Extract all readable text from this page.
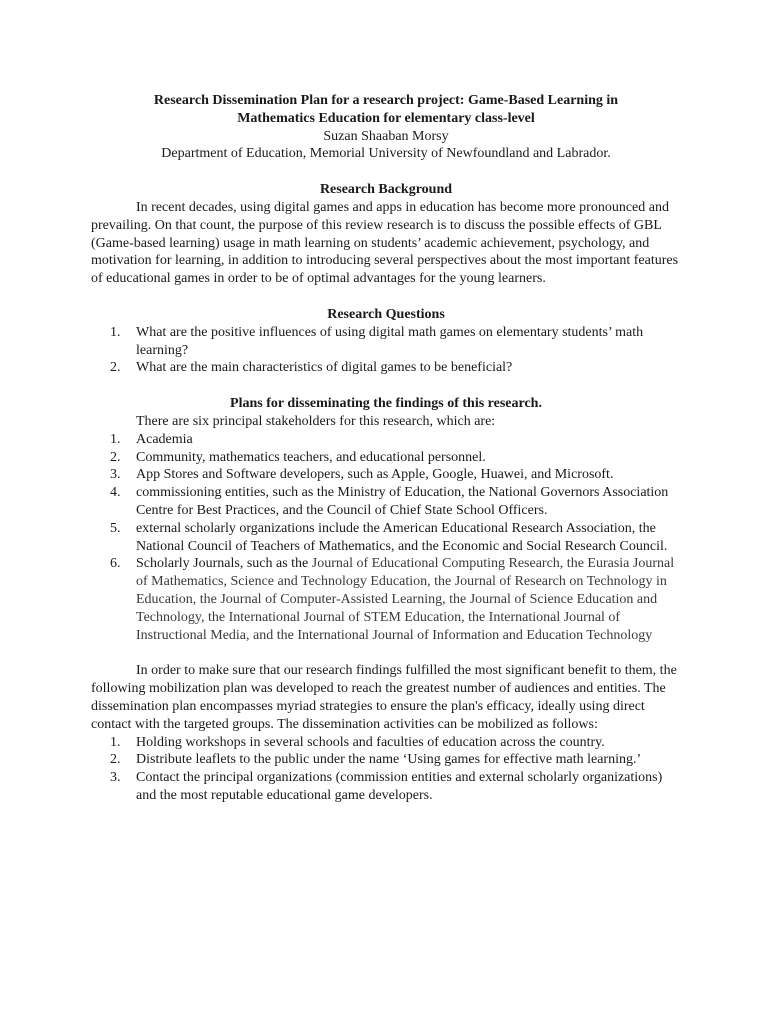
Research Dissemination Plan for a research project: Game-Based Learning in
Mathematics Education for elementary class-level
Suzan Shaaban Morsy
Department of Education, Memorial University of Newfoundland and Labrador.
Research Background

In recent decades, using digital games and apps in education has become more pronounced and prevailing. On that count, the purpose of this review research is to discuss the possible effects of GBL (Game-based learning) usage in math learning on students’ academic achievement, psychology, and motivation for learning, in addition to introducing several perspectives about the most important features of educational games in order to be of optimal advantages for the young learners.

Research Questions
1. What are the positive influences of using digital math games on elementary students’ math learning?
2. What are the main characteristics of digital games to be beneficial?
Plans for disseminating the findings of this research.

There are six principal stakeholders for this research, which are:

1. Academia
2. Community, mathematics teachers, and educational personnel.
3. App Stores and Software developers, such as Apple, Google, Huawei, and Microsoft.
4. commissioning entities, such as the Ministry of Education, the National Governors Association Centre for Best Practices, and the Council of Chief State School Officers.
5. external scholarly organizations include the American Educational Research Association, the National Council of Teachers of Mathematics, and the Economic and Social Research Council.
6. Scholarly Journals, such as the Journal of Educational Computing Research, the Eurasia Journal of Mathematics, Science and Technology Education, the Journal of Research on Technology in Education, the Journal of Computer-Assisted Learning, the Journal of Science Education and Technology, the International Journal of STEM Education, the International Journal of Instructional Media, and the International Journal of Information and Education Technology

In order to make sure that our research findings fulfilled the most significant benefit to them, the following mobilization plan was developed to reach the greatest number of audiences and entities. The dissemination plan encompasses myriad strategies to ensure the plan's efficacy, ideally using direct contact with the targeted groups. The dissemination activities can be mobilized as follows:

1. Holding workshops in several schools and faculties of education across the country.
2. Distribute leaflets to the public under the name ‘Using games for effective math learning.’
3. Contact the principal organizations (commission entities and external scholarly organizations) and the most reputable educational game developers.
